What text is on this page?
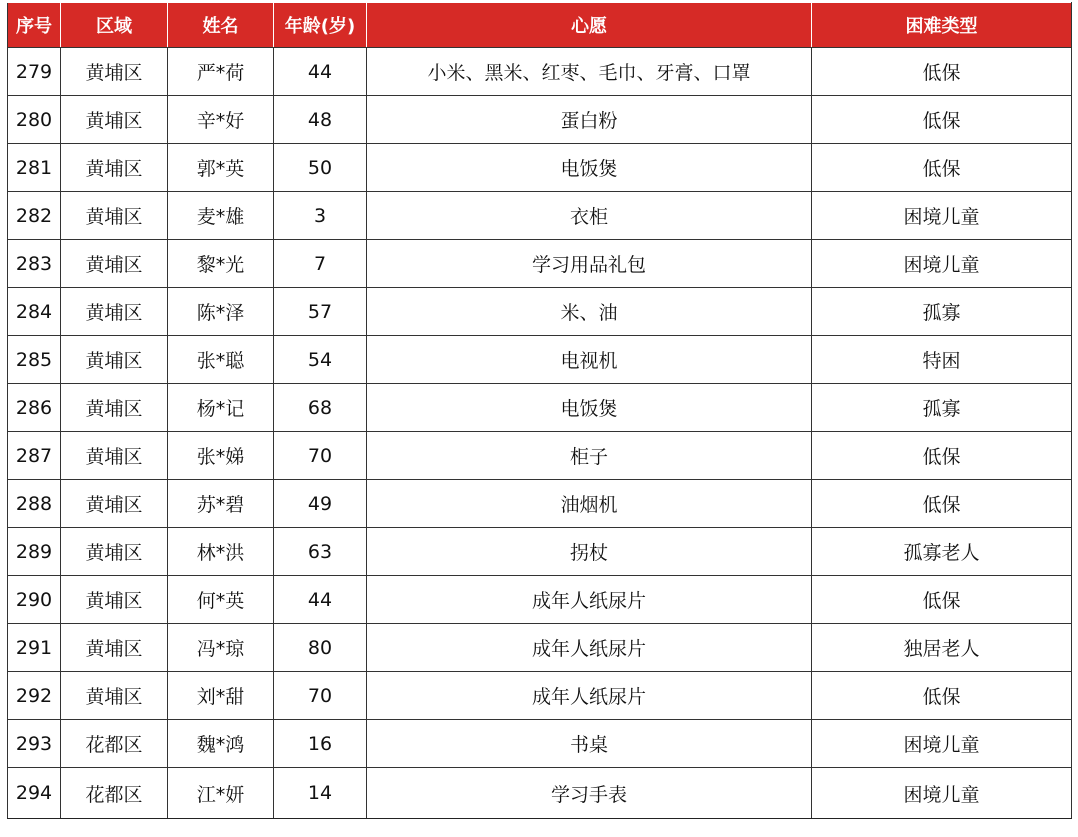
序号	区域	姓名	年龄(岁)	心愿	困难类型
279	黄埔区	严*荷	44	小米、黑米、红枣、毛巾、牙膏、口罩	低保
280	黄埔区	辛*好	48	蛋白粉	低保
281	黄埔区	郭*英	50	电饭煲	低保
282	黄埔区	麦*雄	3	衣柜	困境儿童
283	黄埔区	黎*光	7	学习用品礼包	困境儿童
284	黄埔区	陈*泽	57	米、油	孤寡
285	黄埔区	张*聪	54	电视机	特困
286	黄埔区	杨*记	68	电饭煲	孤寡
287	黄埔区	张*娣	70	柜子	低保
288	黄埔区	苏*碧	49	油烟机	低保
289	黄埔区	林*洪	63	拐杖	孤寡老人
290	黄埔区	何*英	44	成年人纸尿片	低保
291	黄埔区	冯*琼	80	成年人纸尿片	独居老人
292	黄埔区	刘*甜	70	成年人纸尿片	低保
293	花都区	魏*鸿	16	书桌	困境儿童
294	花都区	江*妍	14	学习手表	困境儿童
